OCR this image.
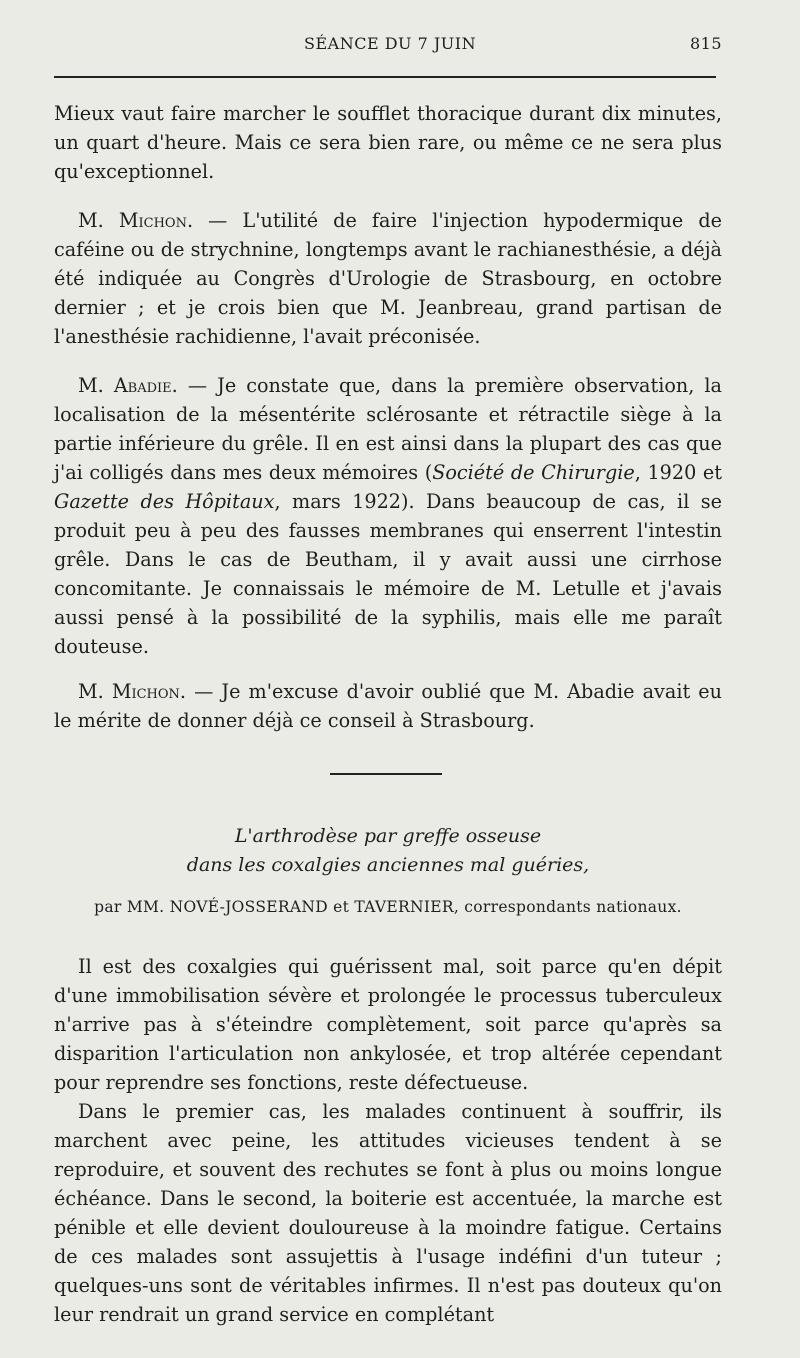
SÉANCE DU 7 JUIN	815

Mieux vaut faire marcher le soufflet thoracique durant dix minutes, un quart d'heure. Mais ce sera bien rare, ou même ce ne sera plus qu'exceptionnel.

M. Michon. — L'utilité de faire l'injection hypodermique de caféine ou de strychnine, longtemps avant le rachianesthésie, a déjà été indiquée au Congrès d'Urologie de Strasbourg, en octobre dernier ; et je crois bien que M. Jeanbreau, grand partisan de l'anesthésie rachidienne, l'avait préconisée.

M. Abadie. — Je constate que, dans la première observation, la localisation de la mésentérite sclérosante et rétractile siège à la partie inférieure du grêle. Il en est ainsi dans la plupart des cas que j'ai colligés dans mes deux mémoires (Société de Chirurgie, 1920 et Gazette des Hôpitaux, mars 1922). Dans beaucoup de cas, il se produit peu à peu des fausses membranes qui enserrent l'intestin grêle. Dans le cas de Beutham, il y avait aussi une cirrhose concomitante. Je connaissais le mémoire de M. Letulle et j'avais aussi pensé à la possibilité de la syphilis, mais elle me paraît douteuse.

M. Michon. — Je m'excuse d'avoir oublié que M. Abadie avait eu le mérite de donner déjà ce conseil à Strasbourg.

L'arthrodèse par greffe osseuse
dans les coxalgies anciennes mal guéries,
par MM. NOVÉ-JOSSERAND et TAVERNIER, correspondants nationaux.

Il est des coxalgies qui guérissent mal, soit parce qu'en dépit d'une immobilisation sévère et prolongée le processus tuberculeux n'arrive pas à s'éteindre complètement, soit parce qu'après sa disparition l'articulation non ankylosée, et trop altérée cependant pour reprendre ses fonctions, reste défectueuse.

Dans le premier cas, les malades continuent à souffrir, ils marchent avec peine, les attitudes vicieuses tendent à se reproduire, et souvent des rechutes se font à plus ou moins longue échéance. Dans le second, la boiterie est accentuée, la marche est pénible et elle devient douloureuse à la moindre fatigue. Certains de ces malades sont assujettis à l'usage indéfini d'un tuteur ; quelques-uns sont de véritables infirmes. Il n'est pas douteux qu'on leur rendrait un grand service en complétant
